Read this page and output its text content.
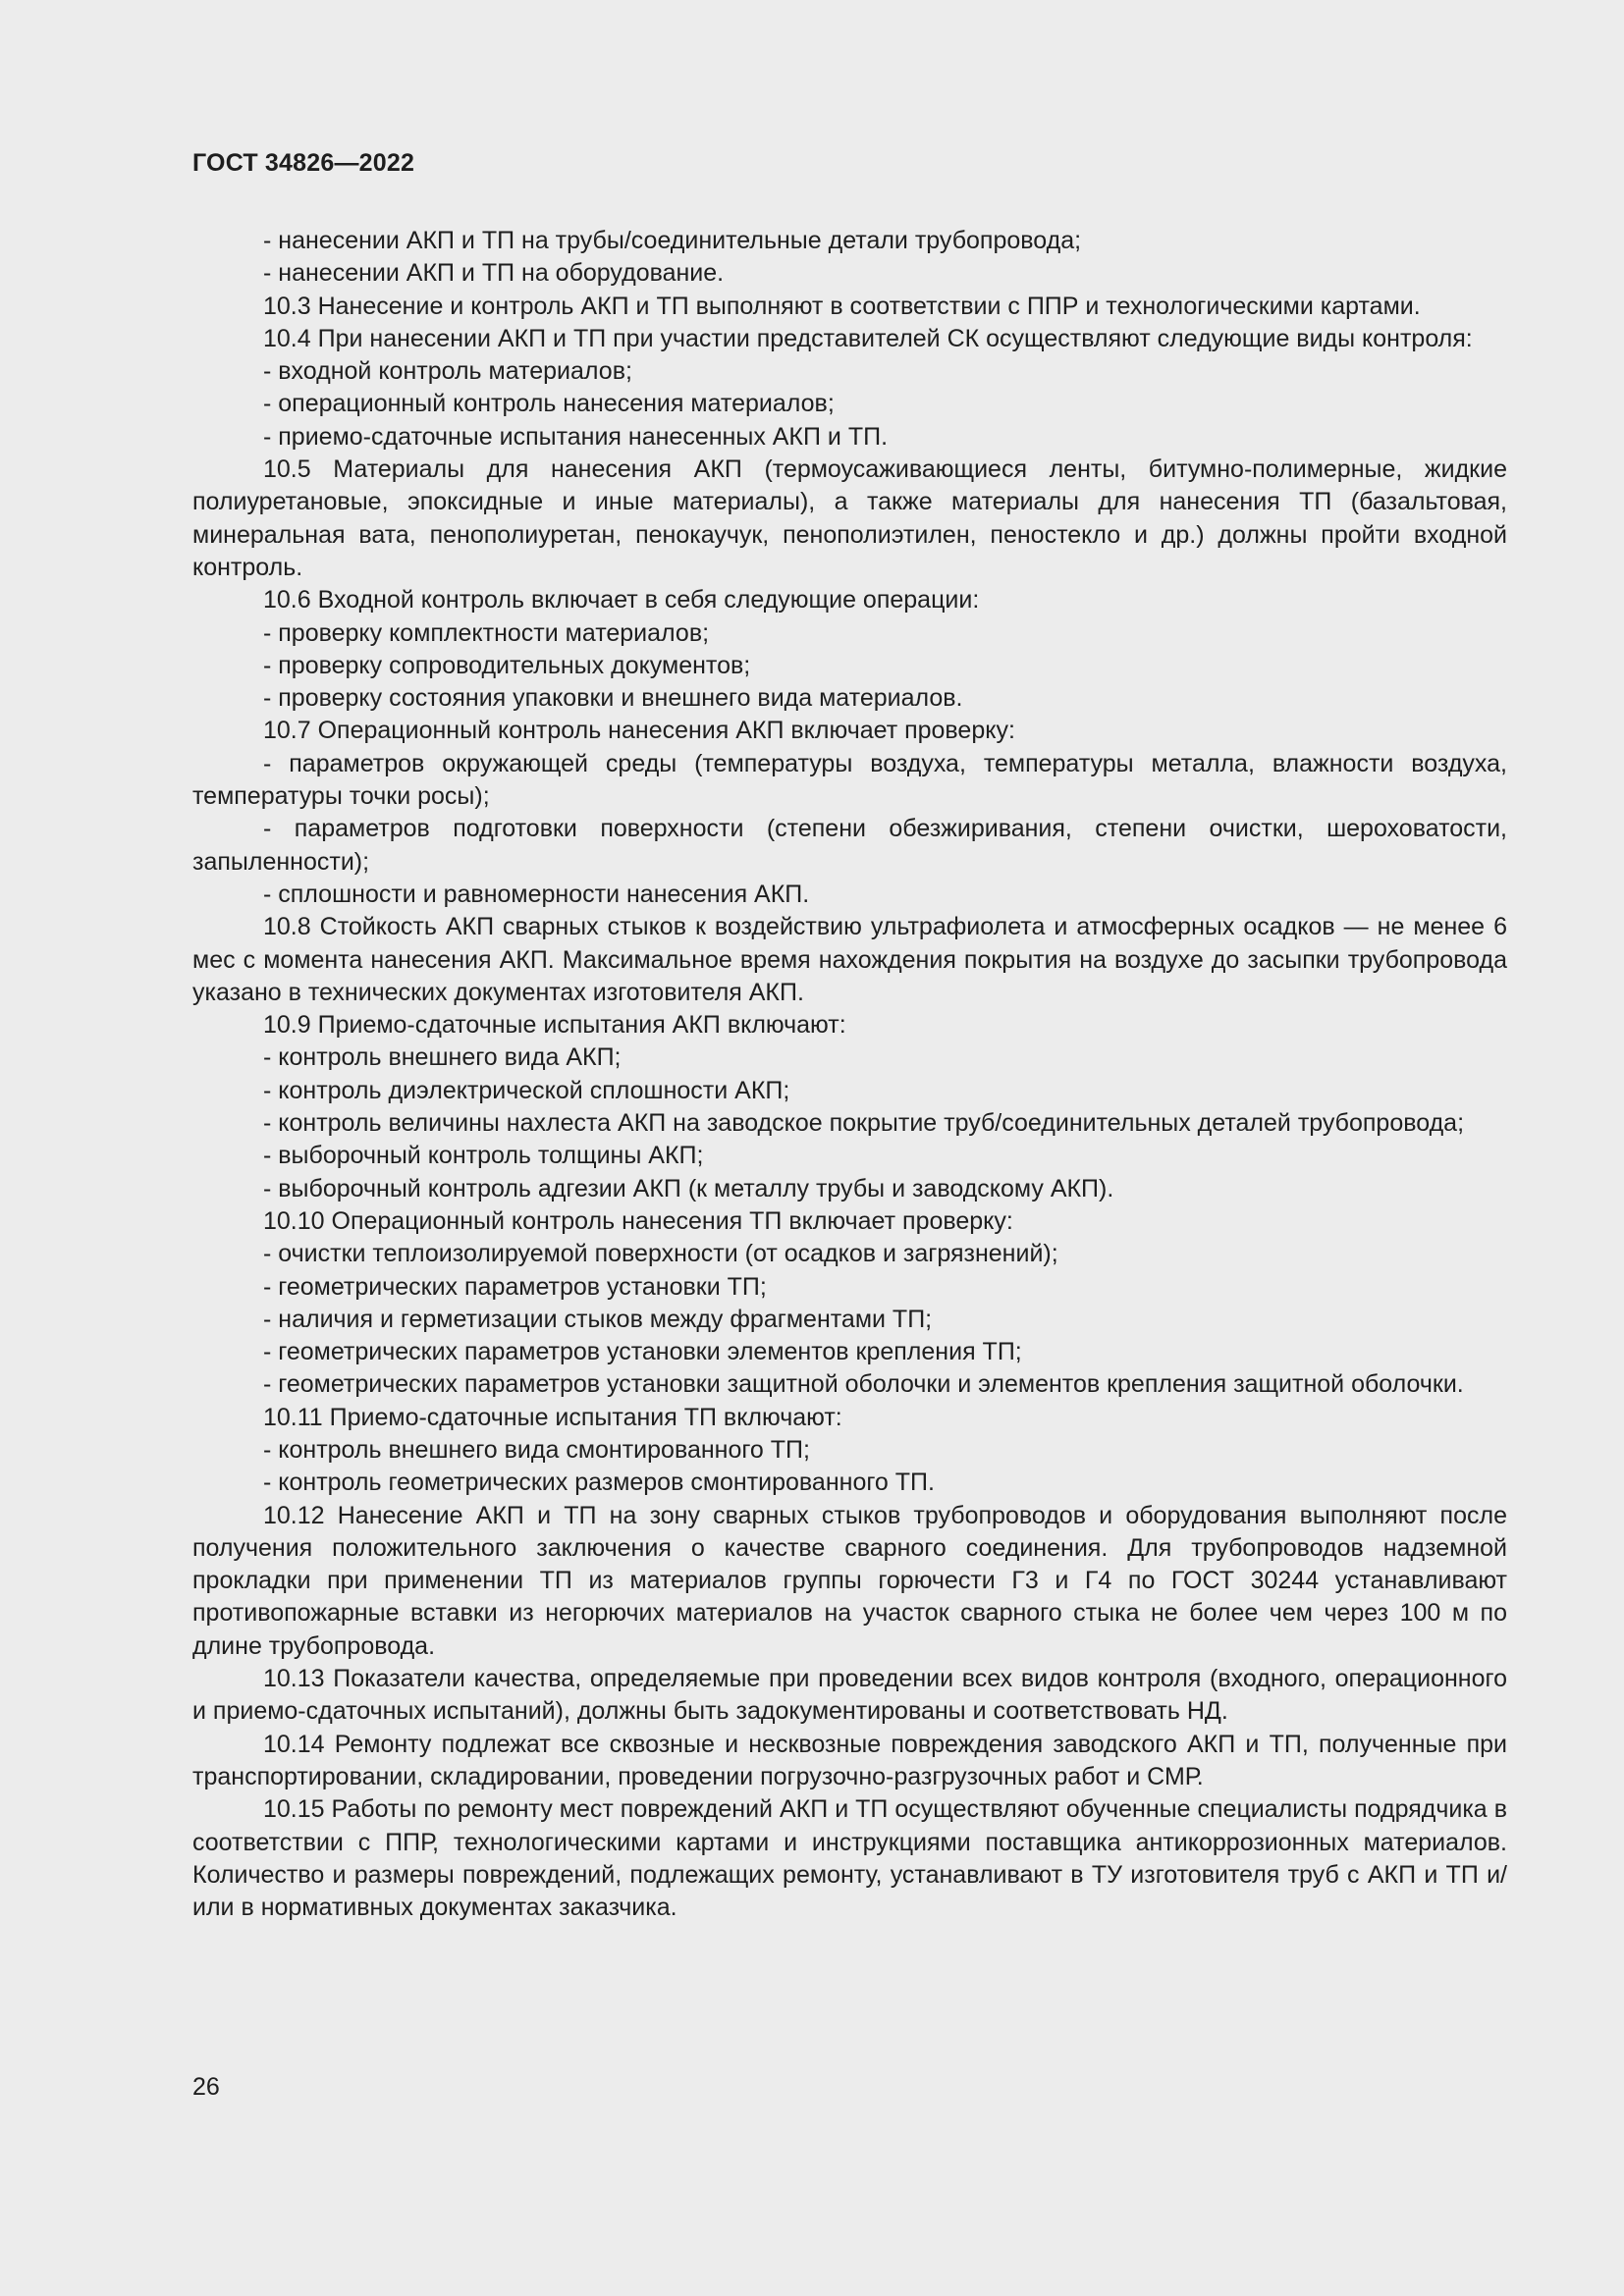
ГОСТ 34826—2022

- нанесении АКП и ТП на трубы/соединительные детали трубопровода;

- нанесении АКП и ТП на оборудование.

10.3 Нанесение и контроль АКП и ТП выполняют в соответствии с ППР и технологическими картами.

10.4 При нанесении АКП и ТП при участии представителей СК осуществляют следующие виды контроля:

- входной контроль материалов;

- операционный контроль нанесения материалов;

- приемо-сдаточные испытания нанесенных АКП и ТП.

10.5 Материалы для нанесения АКП (термоусаживающиеся ленты, битумно-полимерные, жидкие полиуретановые, эпоксидные и иные материалы), а также материалы для нанесения ТП (базальтовая, минеральная вата, пенополиуретан, пенокаучук, пенополиэтилен, пеностекло и др.) должны пройти входной контроль.

10.6 Входной контроль включает в себя следующие операции:

- проверку комплектности материалов;

- проверку сопроводительных документов;

- проверку состояния упаковки и внешнего вида материалов.

10.7 Операционный контроль нанесения АКП включает проверку:

- параметров окружающей среды (температуры воздуха, температуры металла, влажности воздуха, температуры точки росы);

- параметров подготовки поверхности (степени обезжиривания, степени очистки, шероховатости, запыленности);

- сплошности и равномерности нанесения АКП.

10.8 Стойкость АКП сварных стыков к воздействию ультрафиолета и атмосферных осадков — не менее 6 мес с момента нанесения АКП. Максимальное время нахождения покрытия на воздухе до засыпки трубопровода указано в технических документах изготовителя АКП.

10.9 Приемо-сдаточные испытания АКП включают:

- контроль внешнего вида АКП;

- контроль диэлектрической сплошности АКП;

- контроль величины нахлеста АКП на заводское покрытие труб/соединительных деталей трубопровода;

- выборочный контроль толщины АКП;

- выборочный контроль адгезии АКП (к металлу трубы и заводскому АКП).

10.10 Операционный контроль нанесения ТП включает проверку:

- очистки теплоизолируемой поверхности (от осадков и загрязнений);

- геометрических параметров установки ТП;

- наличия и герметизации стыков между фрагментами ТП;

- геометрических параметров установки элементов крепления ТП;

- геометрических параметров установки защитной оболочки и элементов крепления защитной оболочки.

10.11 Приемо-сдаточные испытания ТП включают:

- контроль внешнего вида смонтированного ТП;

- контроль геометрических размеров смонтированного ТП.

10.12 Нанесение АКП и ТП на зону сварных стыков трубопроводов и оборудования выполняют после получения положительного заключения о качестве сварного соединения. Для трубопроводов надземной прокладки при применении ТП из материалов группы горючести Г3 и Г4 по ГОСТ 30244 устанавливают противопожарные вставки из негорючих материалов на участок сварного стыка не более чем через 100 м по длине трубопровода.

10.13 Показатели качества, определяемые при проведении всех видов контроля (входного, операционного и приемо-сдаточных испытаний), должны быть задокументированы и соответствовать НД.

10.14 Ремонту подлежат все сквозные и несквозные повреждения заводского АКП и ТП, полученные при транспортировании, складировании, проведении погрузочно-разгрузочных работ и СМР.

10.15 Работы по ремонту мест повреждений АКП и ТП осуществляют обученные специалисты подрядчика в соответствии с ППР, технологическими картами и инструкциями поставщика антикоррозионных материалов. Количество и размеры повреждений, подлежащих ремонту, устанавливают в ТУ изготовителя труб с АКП и ТП и/или в нормативных документах заказчика.

26
